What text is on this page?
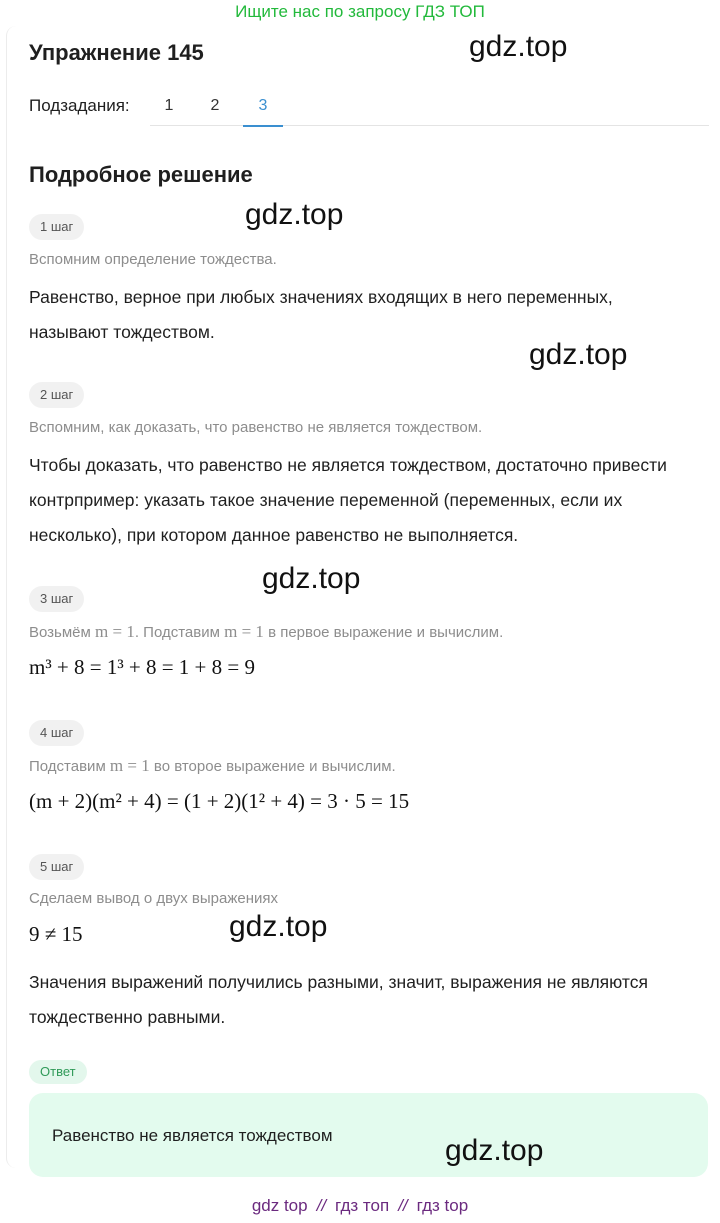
Ищите нас по запросу ГДЗ ТОП
Упражнение 145	gdz.top
Подзадания:	1	2	3
Подробное решение
gdz.top
1 шаг
Вспомним определение тождества.
Равенство, верное при любых значениях входящих в него переменных, называют тождеством.
gdz.top
2 шаг
Вспомним, как доказать, что равенство не является тождеством.
Чтобы доказать, что равенство не является тождеством, достаточно привести контрпример: указать такое значение переменной (переменных, если их несколько), при котором данное равенство не выполняется.
gdz.top
3 шаг
Возьмём m = 1. Подставим m = 1 в первое выражение и вычислим.
m³ + 8 = 1³ + 8 = 1 + 8 = 9
4 шаг
Подставим m = 1 во второе выражение и вычислим.
(m + 2)(m² + 4) = (1 + 2)(1² + 4) = 3 · 5 = 15
5 шаг
Сделаем вывод о двух выражениях
9 ≠ 15	gdz.top
Значения выражений получились разными, значит, выражения не являются тождественно равными.
Ответ
Равенство не является тождеством	gdz.top
gdz top // гдз топ // гдз top
